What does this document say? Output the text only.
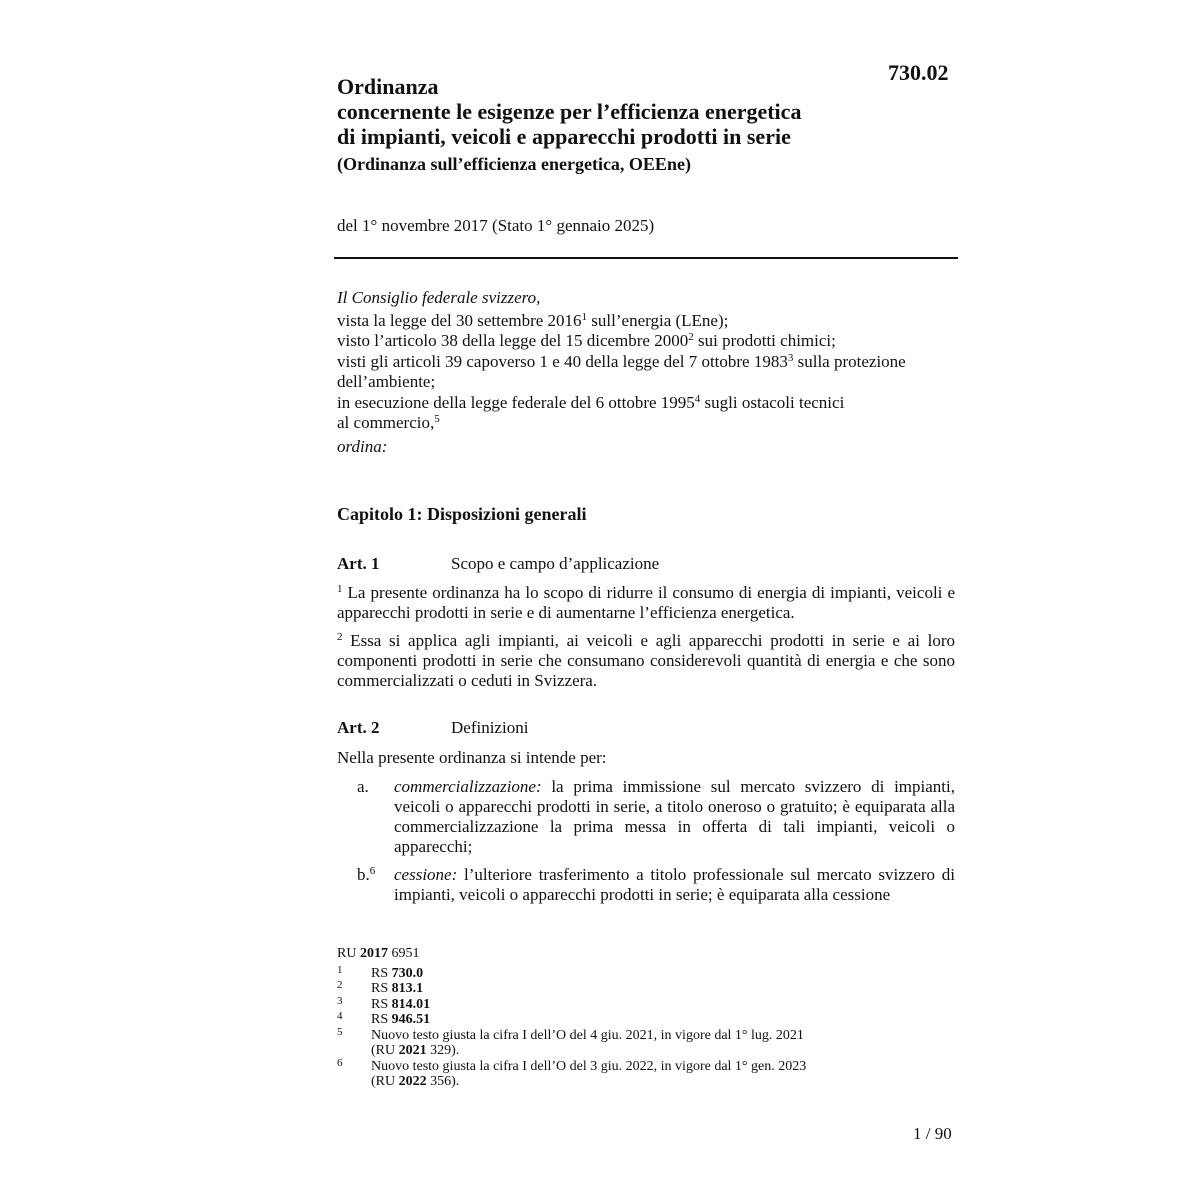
730.02
Ordinanza
concernente le esigenze per l’efficienza energetica
di impianti, veicoli e apparecchi prodotti in serie
(Ordinanza sull’efficienza energetica, OEEne)
del 1° novembre 2017 (Stato 1° gennaio 2025)
Il Consiglio federale svizzero,
vista la legge del 30 settembre 2016$^1$ sull’energia (LEne);
visto l’articolo 38 della legge del 15 dicembre 2000$^2$ sui prodotti chimici;
visti gli articoli 39 capoverso 1 e 40 della legge del 7 ottobre 1983$^3$ sulla protezione
dell’ambiente;
in esecuzione della legge federale del 6 ottobre 1995$^4$ sugli ostacoli tecnici
al commercio,$^5$
ordina:
Capitolo 1: Disposizioni generali
Art. 1	Scopo e campo d’applicazione
$^1$ La presente ordinanza ha lo scopo di ridurre il consumo di energia di impianti, veicoli e apparecchi prodotti in serie e di aumentarne l’efficienza energetica.
$^2$ Essa si applica agli impianti, ai veicoli e agli apparecchi prodotti in serie e ai loro componenti prodotti in serie che consumano considerevoli quantità di energia e che sono commercializzati o ceduti in Svizzera.
Art. 2	Definizioni
Nella presente ordinanza si intende per:
a. commercializzazione: la prima immissione sul mercato svizzero di impianti, veicoli o apparecchi prodotti in serie, a titolo oneroso o gratuito; è equiparata alla commercializzazione la prima messa in offerta di tali impianti, veicoli o apparecchi;
b.$^6$ cessione: l’ulteriore trasferimento a titolo professionale sul mercato svizzero di impianti, veicoli o apparecchi prodotti in serie; è equiparata alla cessione
RU 2017 6951
1 RS 730.0
2 RS 813.1
3 RS 814.01
4 RS 946.51
5 Nuovo testo giusta la cifra I dell’O del 4 giu. 2021, in vigore dal 1° lug. 2021
(RU 2021 329).
6 Nuovo testo giusta la cifra I dell’O del 3 giu. 2022, in vigore dal 1° gen. 2023
(RU 2022 356).
1 / 90
